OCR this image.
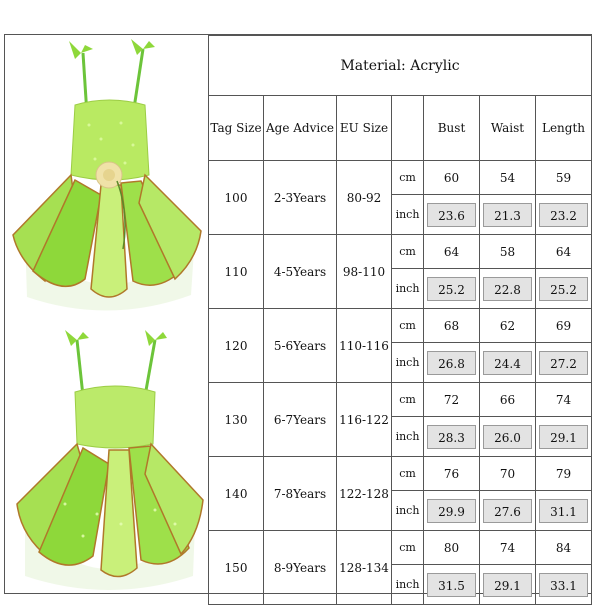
Material: Acrylic						
Tag Size	Age Advice	EU Size		Bust	Waist	Length
100	2-3Years	80-92	cm	60	54	59
			inch	23.6	21.3	23.2

110	4-5Years	98-110	cm	64	58	64
			inch	25.2	22.8	25.2

120	5-6Years	110-116	cm	68	62	69
			inch	26.8	24.4	27.2

130	6-7Years	116-122	cm	72	66	74
			inch	28.3	26.0	29.1

140	7-8Years	122-128	cm	76	70	79
			inch	29.9	27.6	31.1

150	8-9Years	128-134	cm	80	74	84
			inch	31.5	29.1	33.1
